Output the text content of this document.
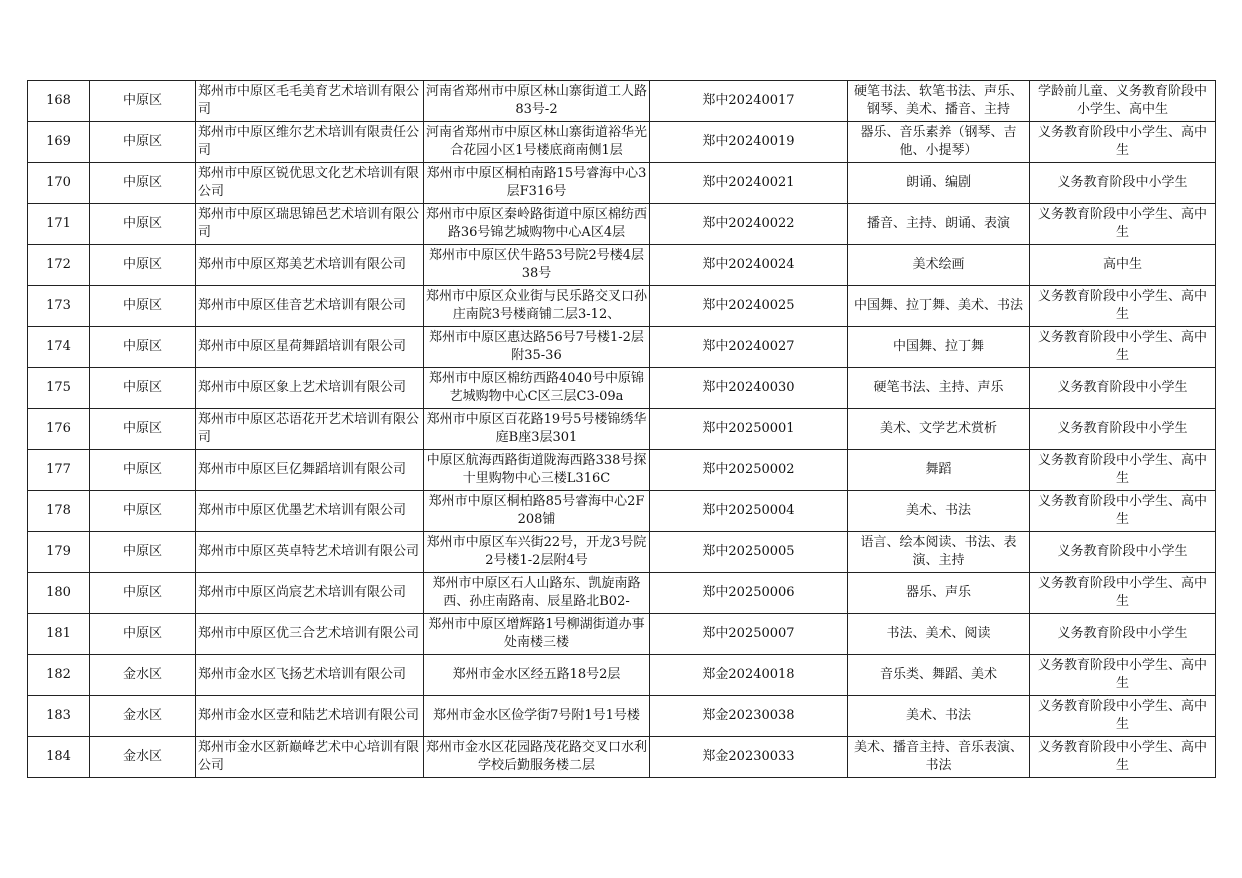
168	中原区	郑州市中原区毛毛美育艺术培训有限公司	河南省郑州市中原区林山寨街道工人路83号-2	郑中20240017	硬笔书法、软笔书法、声乐、钢琴、美术、播音、主持	学龄前儿童、义务教育阶段中小学生、高中生

169	中原区	郑州市中原区维尔艺术培训有限责任公司	河南省郑州市中原区林山寨街道裕华光合花园小区1号楼底商南侧1层	郑中20240019	器乐、音乐素养（钢琴、吉他、小提琴）	义务教育阶段中小学生、高中生

170	中原区	郑州市中原区锐优思文化艺术培训有限公司	郑州市中原区桐柏南路15号睿海中心3层F316号	郑中20240021	朗诵、编剧	义务教育阶段中小学生

171	中原区	郑州市中原区瑞思锦邑艺术培训有限公司	郑州市中原区秦岭路街道中原区棉纺西路36号锦艺城购物中心A区4层	郑中20240022	播音、主持、朗诵、表演	义务教育阶段中小学生、高中生

172	中原区	郑州市中原区郑美艺术培训有限公司	郑州市中原区伏牛路53号院2号楼4层38号	郑中20240024	美术绘画	高中生

173	中原区	郑州市中原区佳音艺术培训有限公司	郑州市中原区众业街与民乐路交叉口孙庄南院3号楼商铺二层3-12、	郑中20240025	中国舞、拉丁舞、美术、书法	义务教育阶段中小学生、高中生

174	中原区	郑州市中原区星荷舞蹈培训有限公司	郑州市中原区惠达路56号7号楼1-2层附35-36	郑中20240027	中国舞、拉丁舞	义务教育阶段中小学生、高中生

175	中原区	郑州市中原区象上艺术培训有限公司	郑州市中原区棉纺西路4040号中原锦艺城购物中心C区三层C3-09a	郑中20240030	硬笔书法、主持、声乐	义务教育阶段中小学生

176	中原区	郑州市中原区芯语花开艺术培训有限公司	郑州市中原区百花路19号5号楼锦绣华庭B座3层301	郑中20250001	美术、文学艺术赏析	义务教育阶段中小学生

177	中原区	郑州市中原区巨亿舞蹈培训有限公司	中原区航海西路街道陇海西路338号探十里购物中心三楼L316C	郑中20250002	舞蹈	义务教育阶段中小学生、高中生

178	中原区	郑州市中原区优墨艺术培训有限公司	郑州市中原区桐柏路85号睿海中心2F208铺	郑中20250004	美术、书法	义务教育阶段中小学生、高中生

179	中原区	郑州市中原区英卓特艺术培训有限公司	郑州市中原区车兴街22号，开龙3号院2号楼1-2层附4号	郑中20250005	语言、绘本阅读、书法、表演、主持	义务教育阶段中小学生

180	中原区	郑州市中原区尚宸艺术培训有限公司	郑州市中原区石人山路东、凯旋南路西、孙庄南路南、辰星路北B02-	郑中20250006	器乐、声乐	义务教育阶段中小学生、高中生

181	中原区	郑州市中原区优三合艺术培训有限公司	郑州市中原区增辉路1号柳湖街道办事处南楼三楼	郑中20250007	书法、美术、阅读	义务教育阶段中小学生

182	金水区	郑州市金水区飞扬艺术培训有限公司	郑州市金水区经五路18号2层	郑金20240018	音乐类、舞蹈、美术	义务教育阶段中小学生、高中生

183	金水区	郑州市金水区壹和陆艺术培训有限公司	郑州市金水区俭学街7号附1号1号楼	郑金20230038	美术、书法	义务教育阶段中小学生、高中生

184	金水区	郑州市金水区新巅峰艺术中心培训有限公司	郑州市金水区花园路茂花路交叉口水利学校后勤服务楼二层	郑金20230033	美术、播音主持、音乐表演、书法	义务教育阶段中小学生、高中生
